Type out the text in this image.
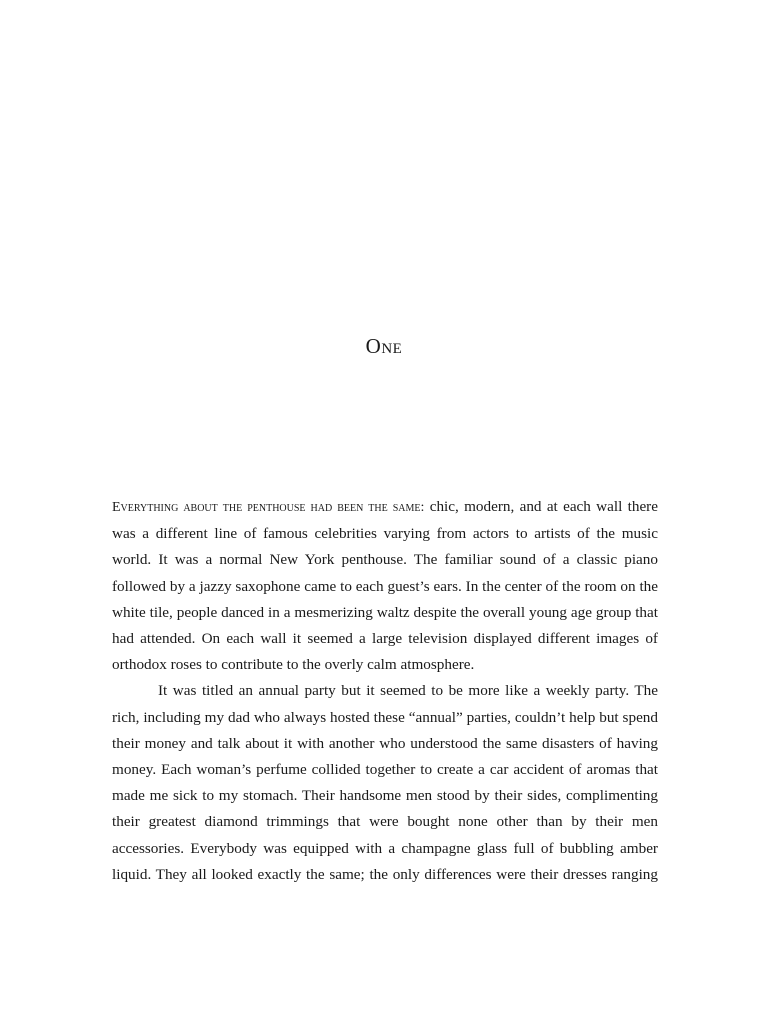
One
Everything about the penthouse had been the same: chic, modern, and at each wall there
was a different line of famous celebrities varying from actors to artists of the music
world. It was a normal New York penthouse. The familiar sound of a classic piano
followed by a jazzy saxophone came to each guest’s ears. In the center of the room on the
white tile, people danced in a mesmerizing waltz despite the overall young age group that
had attended. On each wall it seemed a large television displayed different images of
orthodox roses to contribute to the overly calm atmosphere.
It was titled an annual party but it seemed to be more like a weekly party. The
rich, including my dad who always hosted these “annual” parties, couldn’t help but spend
their money and talk about it with another who understood the same disasters of having
money. Each woman’s perfume collided together to create a car accident of aromas that
made me sick to my stomach. Their handsome men stood by their sides, complimenting
their greatest diamond trimmings that were bought none other than by their men
accessories. Everybody was equipped with a champagne glass full of bubbling amber
liquid. They all looked exactly the same; the only differences were their dresses ranging
